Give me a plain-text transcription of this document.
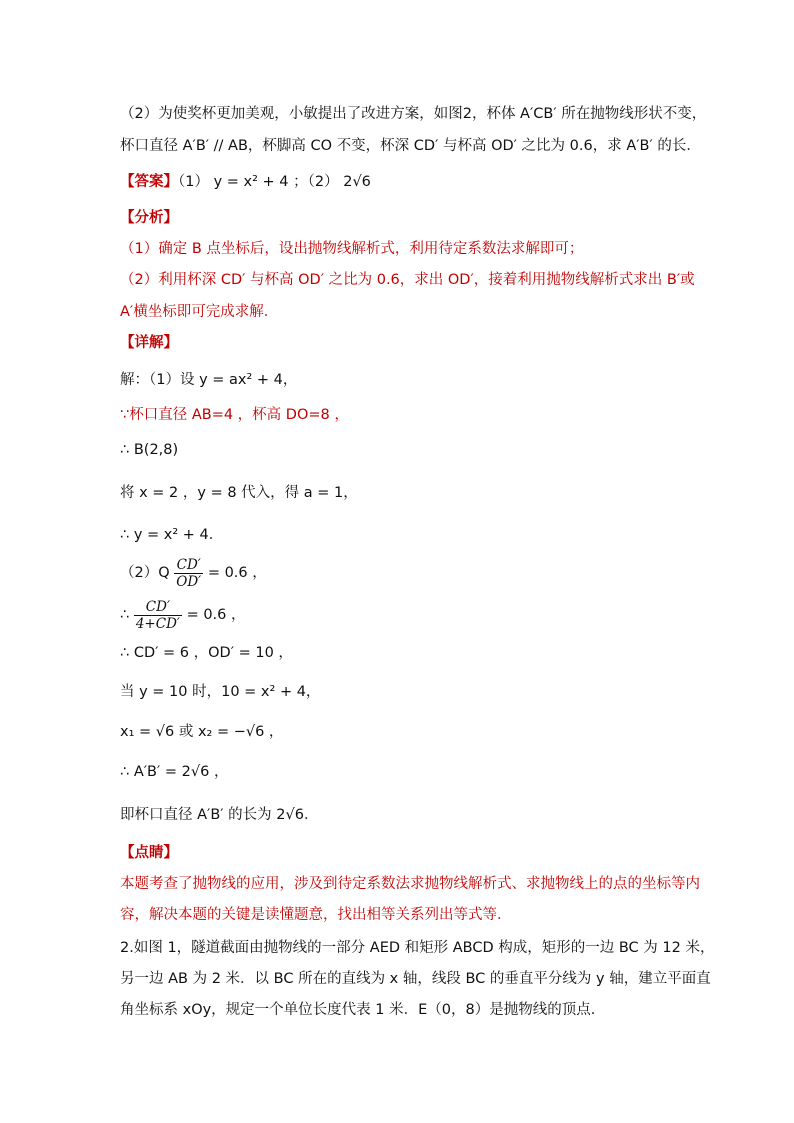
（2）为使奖杯更加美观，小敏提出了改进方案，如图2，杯体 A′CB′ 所在抛物线形状不变，
杯口直径 A′B′ // AB，杯脚高 CO 不变，杯深 CD′ 与杯高 OD′ 之比为 0.6，求 A′B′ 的长．
【答案】（1） y = x² + 4 ；（2） 2√6
【分析】
（1）确定 B 点坐标后，设出抛物线解析式，利用待定系数法求解即可；
（2）利用杯深 CD′ 与杯高 OD′ 之比为 0.6，求出 OD′，接着利用抛物线解析式求出 B′或
A′横坐标即可完成求解．
【详解】
解：（1）设 y = ax² + 4，
∵杯口直径 AB=4 ，杯高 DO=8 ，
∴ B(2,8)
将 x = 2 ，y = 8 代入，得 a = 1，
∴ y = x² + 4．
$(2)Q \frac{CD'}{OD'} = 0.6$ ，
∴ $\frac{CD'}{4+CD'} = 0.6$ ，
∴ CD′ = 6 ，OD′ = 10 ，
当 y = 10 时，10 = x² + 4，
x₁ = √6 或 x₂ = −√6 ，
∴ A′B′ = 2√6 ，
即杯口直径 A′B′ 的长为 2√6．
【点睛】
本题考查了抛物线的应用，涉及到待定系数法求抛物线解析式、求抛物线上的点的坐标等内
容，解决本题的关键是读懂题意，找出相等关系列出等式等．
2.如图 1，隧道截面由抛物线的一部分 AED 和矩形 ABCD 构成，矩形的一边 BC 为 12 米，
另一边 AB 为 2 米．以 BC 所在的直线为 x 轴，线段 BC 的垂直平分线为 y 轴，建立平面直
角坐标系 xOy，规定一个单位长度代表 1 米．E（0，8）是抛物线的顶点．
